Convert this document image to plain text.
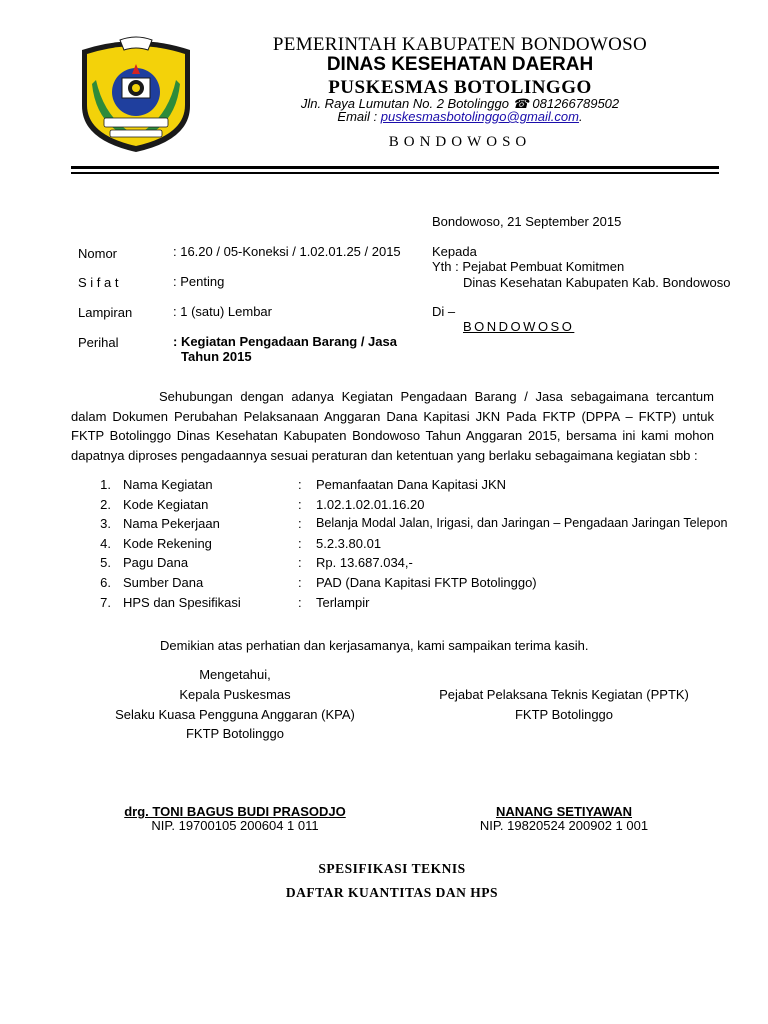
PEMERINTAH KABUPATEN BONDOWOSO
DINAS KESEHATAN DAERAH
PUSKESMAS BOTOLINGGO
Jln. Raya Lumutan No. 2 Botolinggo ☎ 081266789502
Email : puskesmasbotolinggo@gmail.com.
BONDOWOSO
Bondowoso, 21 September 2015
Nomor	: 16.20 / 05-Koneksi / 1.02.01.25 / 2015
S i f a t	: Penting
Lampiran	: 1 (satu) Lembar
Perihal	: Kegiatan Pengadaan Barang / Jasa
Tahun 2015
Kepada
Yth : Pejabat Pembuat Komitmen
Dinas Kesehatan Kabupaten Kab. Bondowoso
Di –
BONDOWOSO
Sehubungan dengan adanya Kegiatan Pengadaan Barang / Jasa sebagaimana tercantum dalam Dokumen Perubahan Pelaksanaan Anggaran Dana Kapitasi JKN Pada FKTP (DPPA – FKTP) untuk FKTP Botolinggo Dinas Kesehatan Kabupaten Bondowoso Tahun Anggaran 2015, bersama ini kami mohon dapatnya diproses pengadaannya sesuai peraturan dan ketentuan yang berlaku sebagaimana kegiatan sbb :
1. Nama Kegiatan	: Pemanfaatan Dana Kapitasi JKN
2. Kode Kegiatan	: 1.02.1.02.01.16.20
3. Nama Pekerjaan	: Belanja Modal Jalan, Irigasi, dan Jaringan – Pengadaan Jaringan Telepon
4. Kode Rekening	: 5.2.3.80.01
5. Pagu Dana	: Rp. 13.687.034,-
6. Sumber Dana	: PAD (Dana Kapitasi FKTP Botolinggo)
7. HPS dan Spesifikasi	: Terlampir
Demikian atas perhatian dan kerjasamanya, kami sampaikan terima kasih.
Mengetahui,
Kepala Puskesmas
Selaku Kuasa Pengguna Anggaran (KPA)
FKTP Botolinggo
drg. TONI BAGUS BUDI PRASODJO
NIP. 19700105 200604 1 011
Pejabat Pelaksana Teknis Kegiatan (PPTK)
FKTP Botolinggo
NANANG SETIYAWAN
NIP. 19820524 200902 1 001
SPESIFIKASI TEKNIS
DAFTAR KUANTITAS DAN HPS
